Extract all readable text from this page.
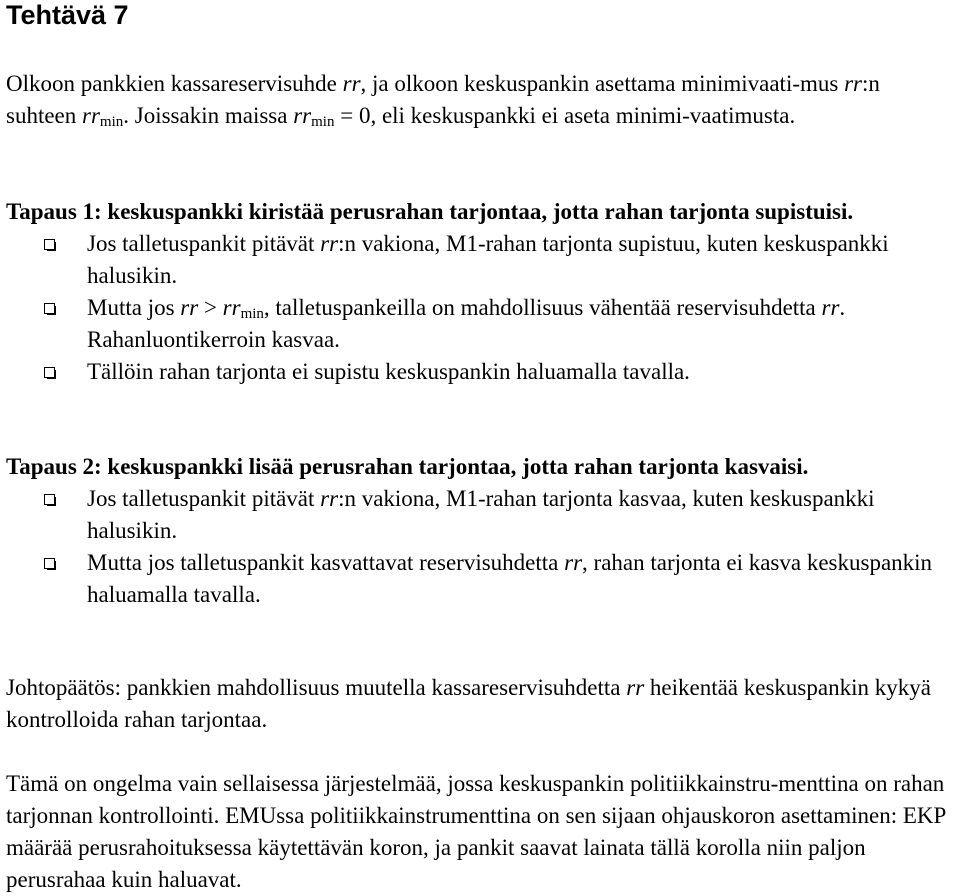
Tehtävä 7
Olkoon pankkien kassareservisuhde rr, ja olkoon keskuspankin asettama minimivaati-mus rr:n suhteen $rr_{min}$. Joissakin maissa $rr_{min} = 0$, eli keskuspankki ei aseta minimi-vaatimusta.

Tapaus 1: keskuspankki kiristää perusrahan tarjontaa, jotta rahan tarjonta supistuisi.

Jos talletuspankit pitävät rr:n vakiona, M1-rahan tarjonta supistuu, kuten keskuspankki halusikin.
Mutta jos rr > $rr_{min}$, talletuspankeilla on mahdollisuus vähentää reservisuhdetta rr. Rahanluontikerroin kasvaa.
Tällöin rahan tarjonta ei supistu keskuspankin haluamalla tavalla.

Tapaus 2: keskuspankki lisää perusrahan tarjontaa, jotta rahan tarjonta kasvaisi.

Jos talletuspankit pitävät rr:n vakiona, M1-rahan tarjonta kasvaa, kuten keskuspankki halusikin.
Mutta jos talletuspankit kasvattavat reservisuhdetta rr, rahan tarjonta ei kasva keskuspankin haluamalla tavalla.
Johtopäätös: pankkien mahdollisuus muutella kassareservisuhdetta rr heikentää keskuspankin kykyä kontrolloida rahan tarjontaa.
Tämä on ongelma vain sellaisessa järjestelmää, jossa keskuspankin politiikkainstru-menttina on rahan tarjonnan kontrollointi. EMUssa politiikkainstrumenttina on sen sijaan ohjauskoron asettaminen: EKP määrää perusrahoituksessa käytettävän koron, ja pankit saavat lainata tällä korolla niin paljon perusrahaa kuin haluavat.
